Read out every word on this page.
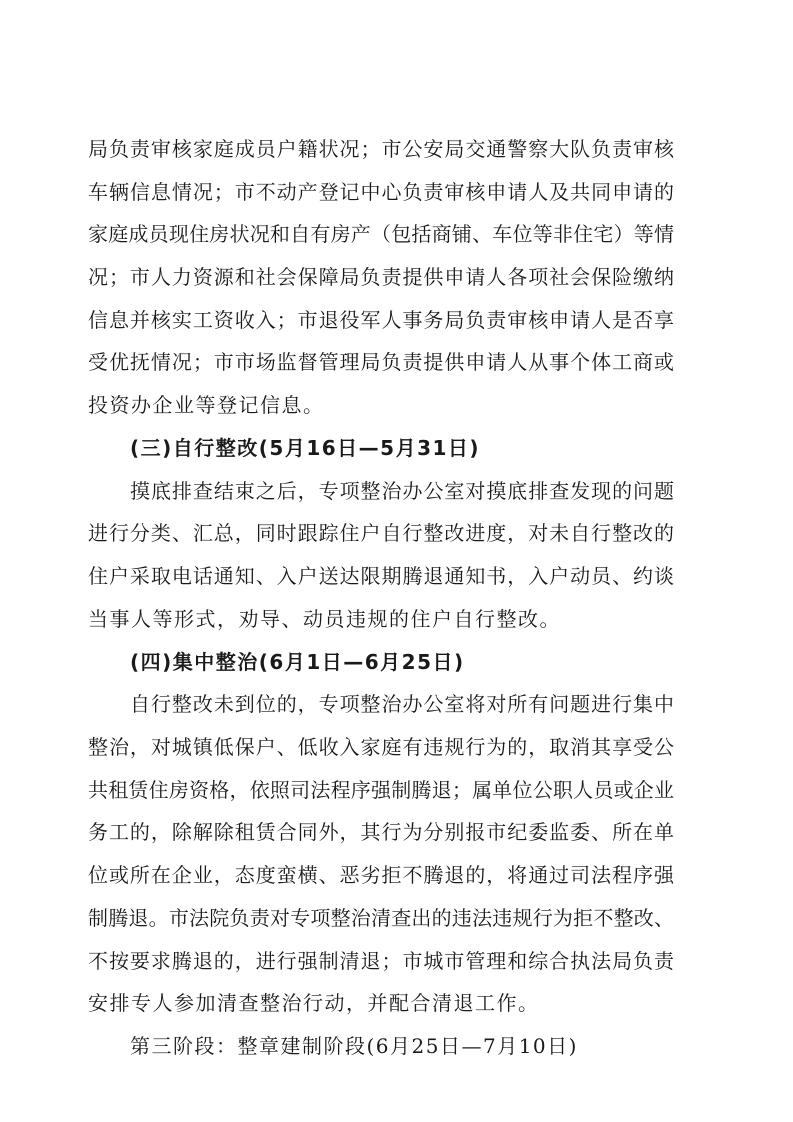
局负责审核家庭成员户籍状况；市公安局交通警察大队负责审核
车辆信息情况；市不动产登记中心负责审核申请人及共同申请的
家庭成员现住房状况和自有房产（包括商铺、车位等非住宅）等情
况；市人力资源和社会保障局负责提供申请人各项社会保险缴纳
信息并核实工资收入；市退役军人事务局负责审核申请人是否享
受优抚情况；市市场监督管理局负责提供申请人从事个体工商或
投资办企业等登记信息。
(三)自行整改(5月16日—5月31日)
摸底排查结束之后，专项整治办公室对摸底排查发现的问题
进行分类、汇总，同时跟踪住户自行整改进度，对未自行整改的
住户采取电话通知、入户送达限期腾退通知书，入户动员、约谈
当事人等形式，劝导、动员违规的住户自行整改。
(四)集中整治(6月1日—6月25日)
自行整改未到位的，专项整治办公室将对所有问题进行集中
整治，对城镇低保户、低收入家庭有违规行为的，取消其享受公
共租赁住房资格，依照司法程序强制腾退；属单位公职人员或企业
务工的，除解除租赁合同外，其行为分别报市纪委监委、所在单
位或所在企业，态度蛮横、恶劣拒不腾退的，将通过司法程序强
制腾退。市法院负责对专项整治清查出的违法违规行为拒不整改、
不按要求腾退的，进行强制清退；市城市管理和综合执法局负责
安排专人参加清查整治行动，并配合清退工作。
第三阶段：整章建制阶段(6月25日—7月10日)
